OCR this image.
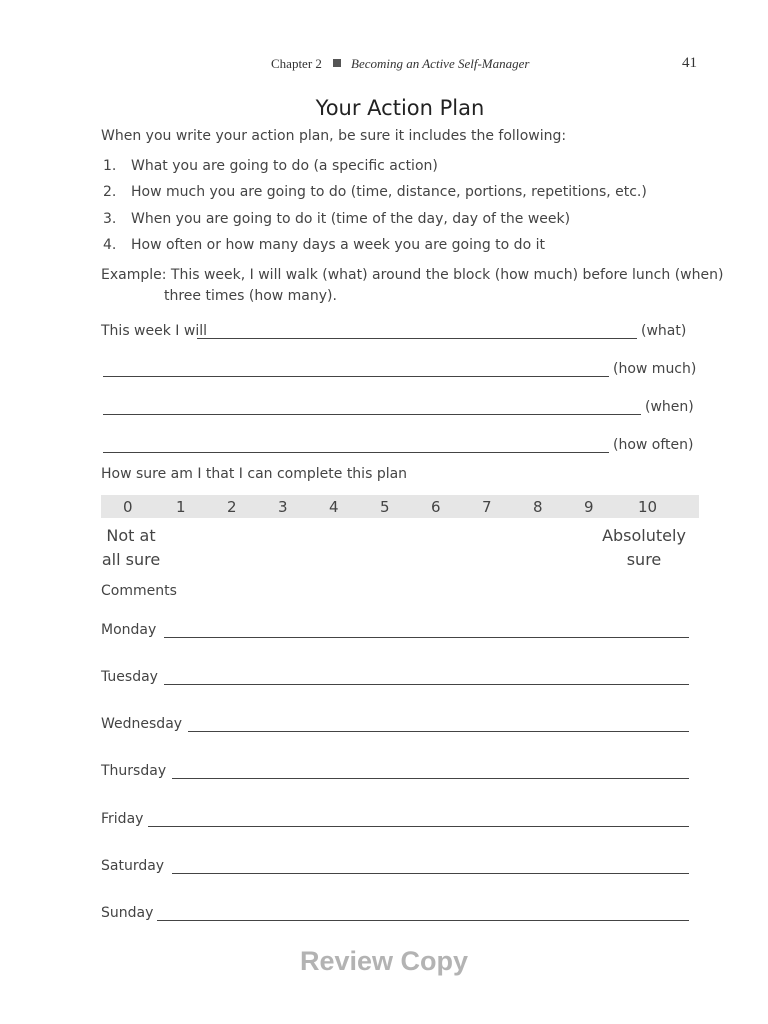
Chapter 2 Becoming an Active Self-Manager	41
Your Action Plan
When you write your action plan, be sure it includes the following:
1. What you are going to do (a specific action)
2. How much you are going to do (time, distance, portions, repetitions, etc.)
3. When you are going to do it (time of the day, day of the week)
4. How often or how many days a week you are going to do it
Example: This week, I will walk (what) around the block (how much) before lunch (when)
three times (how many).
This week I will	(what)
(how much)
(when)
(how often)
How sure am I that I can complete this plan
0	1	2	3	4	5	6	7	8	9	10
Not at
all sure
Absolutely
sure
Comments
Monday
Tuesday
Wednesday
Thursday
Friday
Saturday
Sunday
Review Copy
